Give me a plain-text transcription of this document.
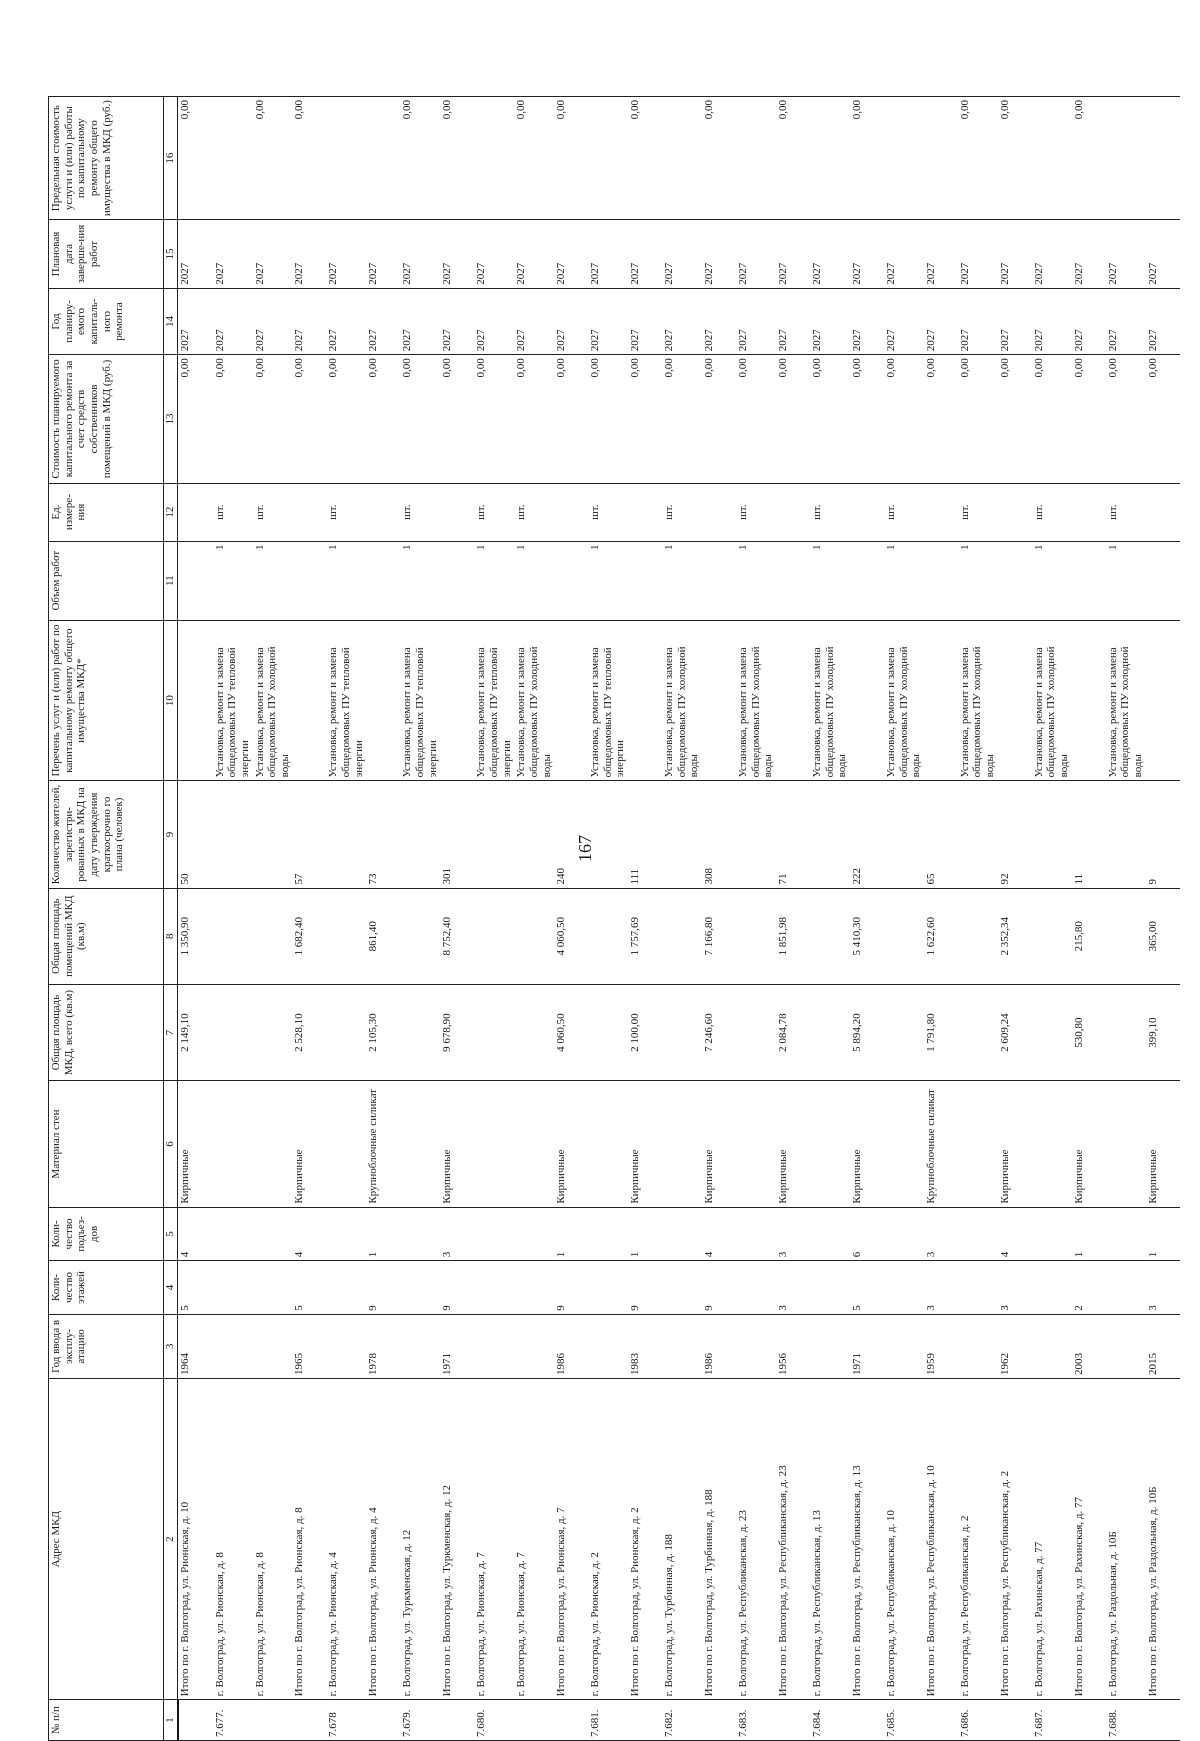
167
№ п/п	Адрес МКД	Год ввода в эксплу-атацию	Коли-чество этажей	Коли-чество подъез-дов	Материал стен	Общая площадь МКД, всего (кв.м)	Общая площадь помещений МКД (кв.м)	Количество жителей, зарегистри-рованных в МКД на дату утверждения краткосрочно го плана (человек)	Перечень услуг и (или) работ по капитальному ремонту общего имущества МКД*	Объем работ	Ед. измере-ния	Стоимость планируемого капитального ремонта за счет средств собственников помещений в МКД (руб.)	Год планиру-емого капиталь-ного ремонта	Плановая дата заверше-ния работ	Предельная стоимость услуги и (или) работы по капитальному ремонту общего имущества в МКД (руб.)
1	2	3	4	5	6	7	8	9	10	11	12	13	14	15	16
	Итого по г. Волгоград, ул. Рионская, д. 10	1964	5	4	Кирпичные	2 149,10	1 350,90	50				0,00	2027	2027	0,00
7.677.	г. Волгоград, ул. Рионская, д. 8								Установка, ремонт и замена общедомовых ПУ тепловой энергии	1	шт.	0,00	2027	2027	
	г. Волгоград, ул. Рионская, д. 8								Установка, ремонт и замена общедомовых ПУ холодной воды	1	шт.	0,00	2027	2027	0,00
	Итого по г. Волгоград, ул. Рионская, д. 8	1965	5	4	Кирпичные	2 528,10	1 682,40	57				0,00	2027	2027	0,00
7.678	г. Волгоград, ул. Рионская, д. 4								Установка, ремонт и замена общедомовых ПУ тепловой энергии	1	шт.	0,00	2027	2027	
	Итого по г. Волгоград, ул. Рионская, д. 4	1978	9	1	Крупноблочные силикат	2 105,30	861,40	73				0,00	2027	2027	
7.679.	г. Волгоград, ул. Туркменская, д. 12								Установка, ремонт и замена общедомовых ПУ тепловой энергии	1	шт.	0,00	2027	2027	0,00
	Итого по г. Волгоград, ул. Туркменская, д. 12	1971	9	3	Кирпичные	9 678,90	8 752,40	301				0,00	2027	2027	0,00
7.680.	г. Волгоград, ул. Рионская, д. 7								Установка, ремонт и замена общедомовых ПУ тепловой энергии	1	шт.	0,00	2027	2027	
	г. Волгоград, ул. Рионская, д. 7								Установка, ремонт и замена общедомовых ПУ холодной воды	1	шт.	0,00	2027	2027	0,00
	Итого по г. Волгоград, ул. Рионская, д. 7	1986	9	1	Кирпичные	4 060,50	4 060,50	240				0,00	2027	2027	0,00
7.681.	г. Волгоград, ул. Рионская, д. 2								Установка, ремонт и замена общедомовых ПУ тепловой энергии	1	шт.	0,00	2027	2027	
	Итого по г. Волгоград, ул. Рионская, д. 2	1983	9	1	Кирпичные	2 100,00	1 757,69	111				0,00	2027	2027	0,00
7.682.	г. Волгоград, ул. Турбинная, д. 188								Установка, ремонт и замена общедомовых ПУ холодной воды	1	шт.	0,00	2027	2027	
	Итого по г. Волгоград, ул. Турбинная, д. 188	1986	9	4	Кирпичные	7 246,60	7 166,80	308				0,00	2027	2027	0,00
7.683.	г. Волгоград, ул. Республиканская, д. 23								Установка, ремонт и замена общедомовых ПУ холодной воды	1	шт.	0,00	2027	2027	
	Итого по г. Волгоград, ул. Республиканская, д. 23	1956	3	3	Кирпичные	2 084,78	1 851,98	71				0,00	2027	2027	0,00
7.684.	г. Волгоград, ул. Республиканская, д. 13								Установка, ремонт и замена общедомовых ПУ холодной воды	1	шт.	0,00	2027	2027	
	Итого по г. Волгоград, ул. Республиканская, д. 13	1971	5	6	Кирпичные	5 894,20	5 410,30	222				0,00	2027	2027	0,00
7.685.	г. Волгоград, ул. Республиканская, д. 10								Установка, ремонт и замена общедомовых ПУ холодной воды	1	шт.	0,00	2027	2027	
	Итого по г. Волгоград, ул. Республиканская, д. 10	1959	3	3	Крупноблочные силикат	1 791,80	1 622,60	65				0,00	2027	2027	
7.686.	г. Волгоград, ул. Республиканская, д. 2								Установка, ремонт и замена общедомовых ПУ холодной воды	1	шт.	0,00	2027	2027	0,00
	Итого по г. Волгоград, ул. Республиканская, д. 2	1962	3	4	Кирпичные	2 609,24	2 352,34	92				0,00	2027	2027	0,00
7.687.	г. Волгоград, ул. Рахинская, д. 77								Установка, ремонт и замена общедомовых ПУ холодной воды	1	шт.	0,00	2027	2027	
	Итого по г. Волгоград, ул. Рахинская, д. 77	2003	2	1	Кирпичные	530,80	215,80	11				0,00	2027	2027	0,00
7.688.	г. Волгоград, ул. Раздольная, д. 10Б								Установка, ремонт и замена общедомовых ПУ холодной воды	1	шт.	0,00	2027	2027	
	Итого по г. Волгоград, ул. Раздольная, д. 10Б	2015	3	1	Кирпичные	399,10	365,00	9				0,00	2027	2027	
